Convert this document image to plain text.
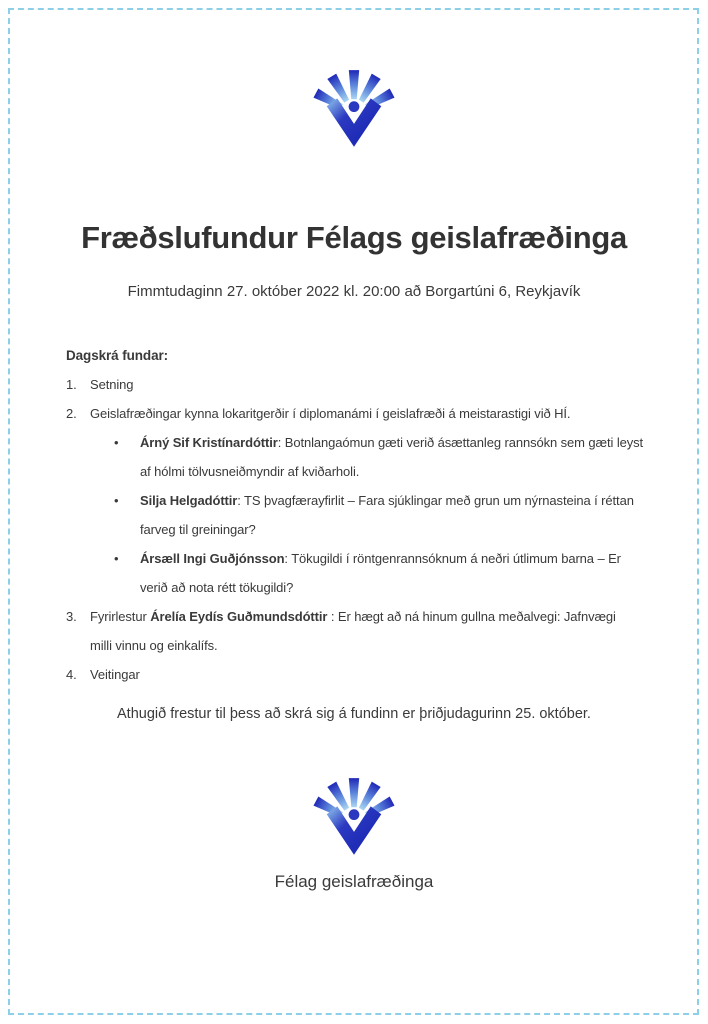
Fræðslufundur Félags geislafræðinga
Fimmtudaginn 27. október 2022 kl. 20:00 að Borgartúni 6, Reykjavík
Dagskrá fundar:
1.	Setning
2.	Geislafræðingar kynna lokaritgerðir í diplomanámi í geislafræði á meistarastigi við HÍ.
•	Árný Sif Kristínardóttir: Botnlangaómun gæti verið ásættanleg rannsókn sem gæti leyst af hólmi tölvusneiðmyndir af kviðarholi.
•	Silja Helgadóttir: TS þvagfærayfirlit – Fara sjúklingar með grun um nýrnasteina í réttan farveg til greiningar?
•	Ársæll Ingi Guðjónsson: Tökugildi í röntgenrannsóknum á neðri útlimum barna – Er verið að nota rétt tökugildi?
3.	Fyrirlestur Árelía Eydís Guðmundsdóttir : Er hægt að ná hinum gullna meðalvegi: Jafnvægi milli vinnu og einkalífs.
4.	Veitingar
Athugið frestur til þess að skrá sig á fundinn er þriðjudagurinn 25. október.
Félag geislafræðinga
